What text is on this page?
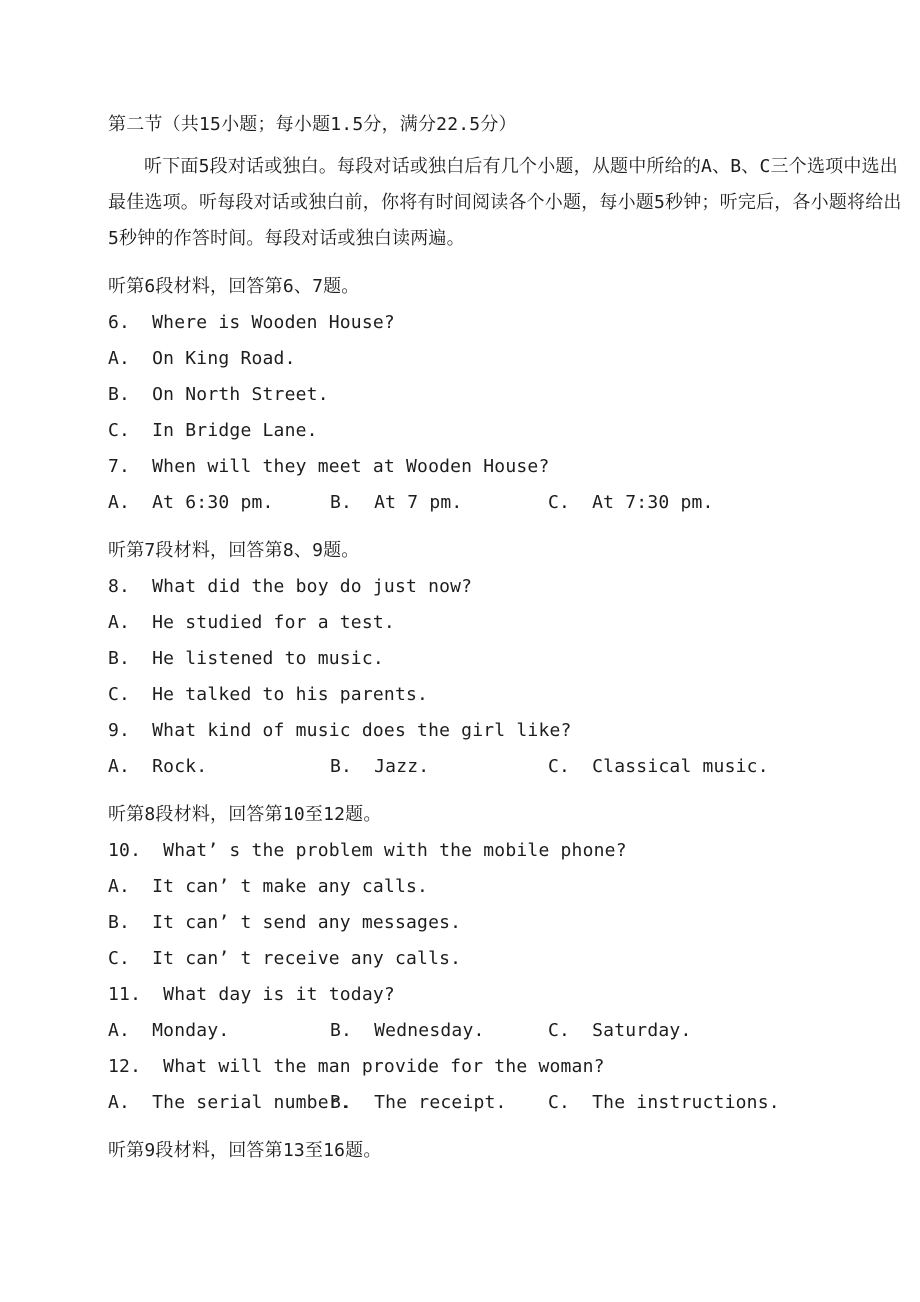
第二节（共15小题；每小题1.5分，满分22.5分）
听下面5段对话或独白。每段对话或独白后有几个小题，从题中所给的A、B、C三个选项中选出
最佳选项。听每段对话或独白前，你将有时间阅读各个小题，每小题5秒钟；听完后，各小题将给出
5秒钟的作答时间。每段对话或独白读两遍。
听第6段材料，回答第6、7题。
6.  Where is Wooden House?
A.  On King Road.
B.  On North Street.
C.  In Bridge Lane.
7.  When will they meet at Wooden House?
A.  At 6:30 pm.	B.  At 7 pm.	C.  At 7:30 pm.
听第7段材料，回答第8、9题。
8.  What did the boy do just now?
A.  He studied for a test.
B.  He listened to music.
C.  He talked to his parents.
9.  What kind of music does the girl like?
A.  Rock.	B.  Jazz.	C.  Classical music.
听第8段材料，回答第10至12题。
10.  What’ s the problem with the mobile phone?
A.  It can’ t make any calls.
B.  It can’ t send any messages.
C.  It can’ t receive any calls.
11.  What day is it today?
A.  Monday.	B.  Wednesday.	C.  Saturday.
12.  What will the man provide for the woman?
A.  The serial number.
B.  The receipt. C.  The instructions.
听第9段材料，回答第13至16题。
